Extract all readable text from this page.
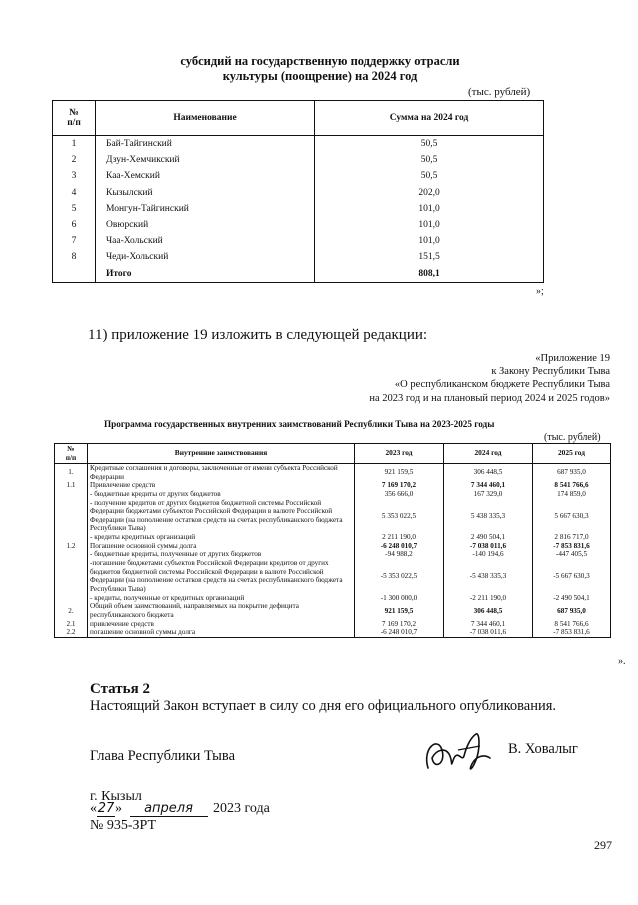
субсидий на государственную поддержку отрасли
культуры (поощрение) на 2024 год
(тыс. рублей)
№
п/п	Наименование	Сумма на 2024 год
1	Бай-Тайгинский	50,5
2	Дзун-Хемчикский	50,5
3	Каа-Хемский	50,5
4	Кызылский	202,0
5	Монгун-Тайгинский	101,0
6	Овюрский	101,0
7	Чаа-Хольский	101,0
8	Чеди-Хольский	151,5
	Итого	808,1
»;
11) приложение 19 изложить в следующей редакции:
«Приложение 19
к Закону Республики Тыва
«О республиканском бюджете Республики Тыва
на 2023 год и на плановый период 2024 и 2025 годов»
Программа государственных внутренних заимствований Республики Тыва на 2023-2025 годы
(тыс. рублей)
№
п/п	Внутренние заимствования	2023 год	2024 год	2025 год
1.	Кредитные соглашения и договоры, заключенные от имени субъекта Российской Федерации	921 159,5	306 448,5	687 935,0
1.1	Привлечение средств	7 169 170,2	7 344 460,1	8 541 766,6
	- бюджетные кредиты от других бюджетов	356 666,0	167 329,0	174 859,0
	- получение кредитов от других бюджетов бюджетной системы Российской Федерации бюджетами субъектов Российской Федерации в валюте Российской Федерации (на пополнение остатков средств на счетах республиканского бюджета Республики Тыва)	5 353 022,5	5 438 335,3	5 667 630,3
	- кредиты кредитных организаций	2 211 190,0	2 490 504,1	2 816 717,0
1.2	Погашение основной суммы долга	-6 248 010,7	-7 038 011,6	-7 853 831,6
	- бюджетные кредиты, полученные от других бюджетов	-94 988,2	-140 194,6	-447 405,5
	-погашение бюджетами субъектов Российской Федерации кредитов от других бюджетов бюджетной системы Российской Федерации в валюте Российской Федерации (на пополнение остатков средств на счетах республиканского бюджета Республики Тыва)	-5 353 022,5	-5 438 335,3	-5 667 630,3
	- кредиты, полученные от кредитных организаций	-1 300 000,0	-2 211 190,0	-2 490 504,1
2.	Общий объем заимствований, направляемых на покрытие дефицита республиканского бюджета	921 159,5	306 448,5	687 935,0
2.1	привлечение средств	7 169 170,2	7 344 460,1	8 541 766,6
2.2	погашение основной суммы долга	-6 248 010,7	-7 038 011,6	-7 853 831,6
».
Статья 2
Настоящий Закон вступает в силу со дня его официального опубликования.
Глава Республики Тыва	В. Ховалыг
г. Кызыл
«27» апреля 2023 года
№ 935-ЗРТ
297
